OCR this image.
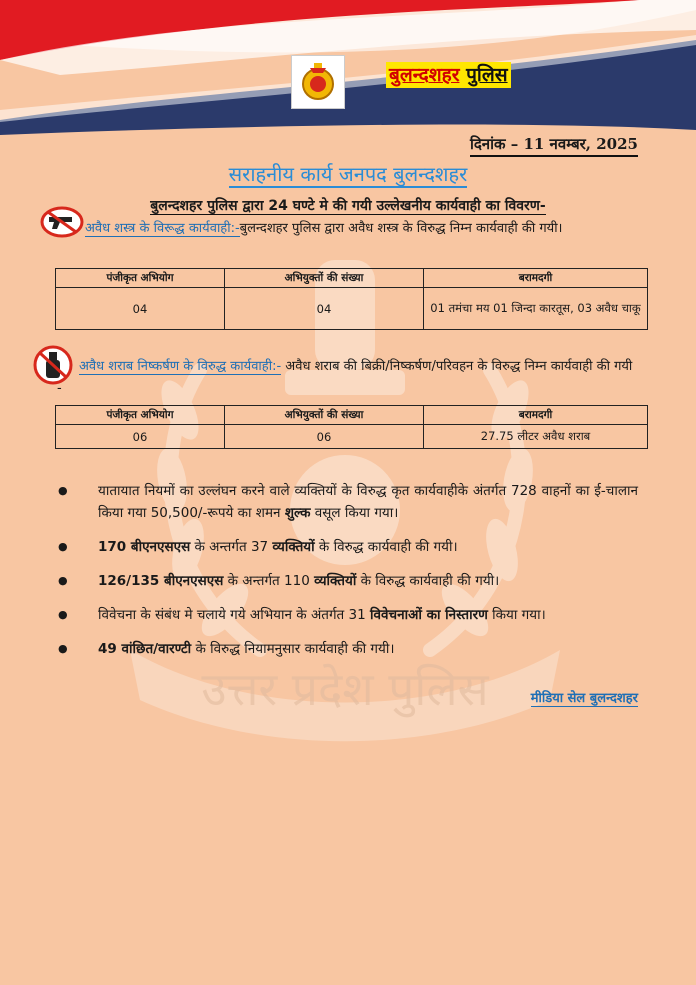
उत्तर प्रदेश पुलिस
बुलन्दशहर पुलिस
दिनांक – 11 नवम्बर, 2025
सराहनीय कार्य जनपद बुलन्दशहर
बुलन्दशहर पुलिस द्वारा 24 घण्टे मे की गयी उल्लेखनीय कार्यवाही का विवरण-
अवैध शस्त्र के विरूद्ध कार्यवाही:-बुलन्दशहर पुलिस द्वारा अवैध शस्त्र के विरुद्ध निम्न कार्यवाही की गयी।
पंजीकृत अभियोग	अभियुक्तों की संख्या	बरामदगी
04	04	01 तमंचा मय 01 जिन्दा कारतूस, 03 अवैध चाकू
अवैध शराब निष्कर्षण के विरुद्ध कार्यवाही:- अवैध शराब की बिक्री/निष्कर्षण/परिवहन के विरुद्ध निम्न कार्यवाही की गयी -
पंजीकृत अभियोग	अभियुक्तों की संख्या	बरामदगी
06	06	27.75 लीटर अवैध शराब
● यातायात नियमों का उल्लंघन करने वाले व्यक्तियों के विरुद्ध कृत कार्यवाहीके अंतर्गत 728 वाहनों का ई-चालान किया गया 50,500/-रूपये का शमन शुल्क वसूल किया गया।
● 170 बीएनएसएस के अन्तर्गत 37 व्यक्तियों के विरुद्ध कार्यवाही की गयी।
● 126/135 बीएनएसएस के अन्तर्गत 110 व्यक्तियों के विरुद्ध कार्यवाही की गयी।
● विवेचना के संबंध मे चलाये गये अभियान के अंतर्गत 31 विवेचनाओं का निस्तारण किया गया।
● 49 वांछित/वारण्टी के विरुद्ध नियामनुसार कार्यवाही की गयी।
मीडिया सेल बुलन्दशहर
